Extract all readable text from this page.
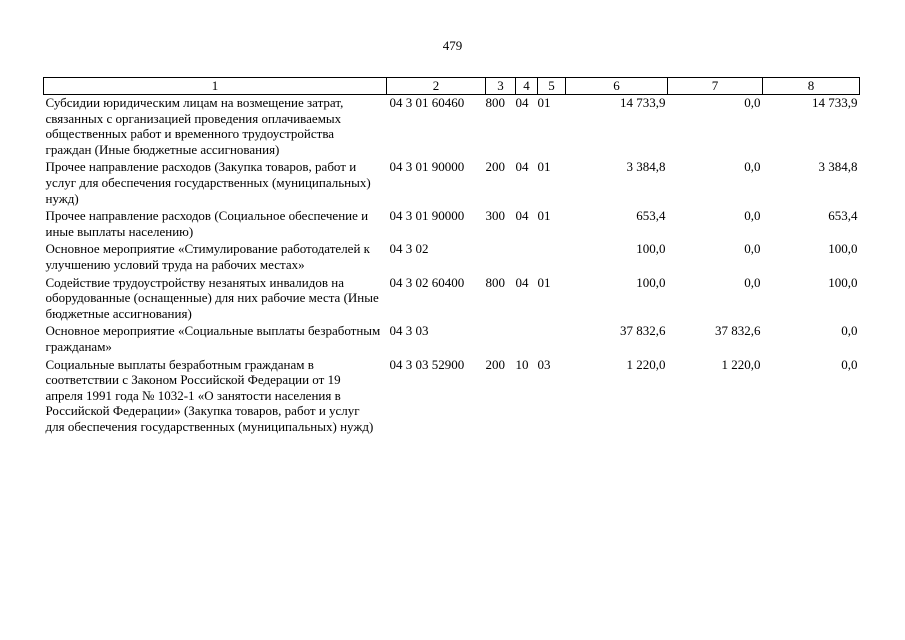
479
1	2	3	4	5	6	7	8
Субсидии юридическим лицам на возмещение затрат, связанных с организацией проведения оплачиваемых общественных работ и временного трудоустройства граждан (Иные бюджетные ассигнования)	04 3 01 60460	800	04	01	14 733,9	0,0	14 733,9
Прочее направление расходов (Закупка товаров, работ и услуг для обеспечения государственных (муниципальных) нужд)	04 3 01 90000	200	04	01	3 384,8	0,0	3 384,8
Прочее направление расходов (Социальное обеспечение и иные выплаты населению)	04 3 01 90000	300	04	01	653,4	0,0	653,4
Основное мероприятие «Стимулирование работодателей к улучшению условий труда на рабочих местах»	04 3 02				100,0	0,0	100,0
Содействие трудоустройству незанятых инвалидов на оборудованные (оснащенные) для них рабочие места (Иные бюджетные ассигнования)	04 3 02 60400	800	04	01	100,0	0,0	100,0
Основное мероприятие «Социальные выплаты безработным гражданам»	04 3 03				37 832,6	37 832,6	0,0
Социальные выплаты безработным гражданам в соответствии с Законом Российской Федерации от 19 апреля 1991 года № 1032-1 «О занятости населения в Российской Федерации» (Закупка товаров, работ и услуг для обеспечения государственных (муниципальных) нужд)	04 3 03 52900	200	10	03	1 220,0	1 220,0	0,0
